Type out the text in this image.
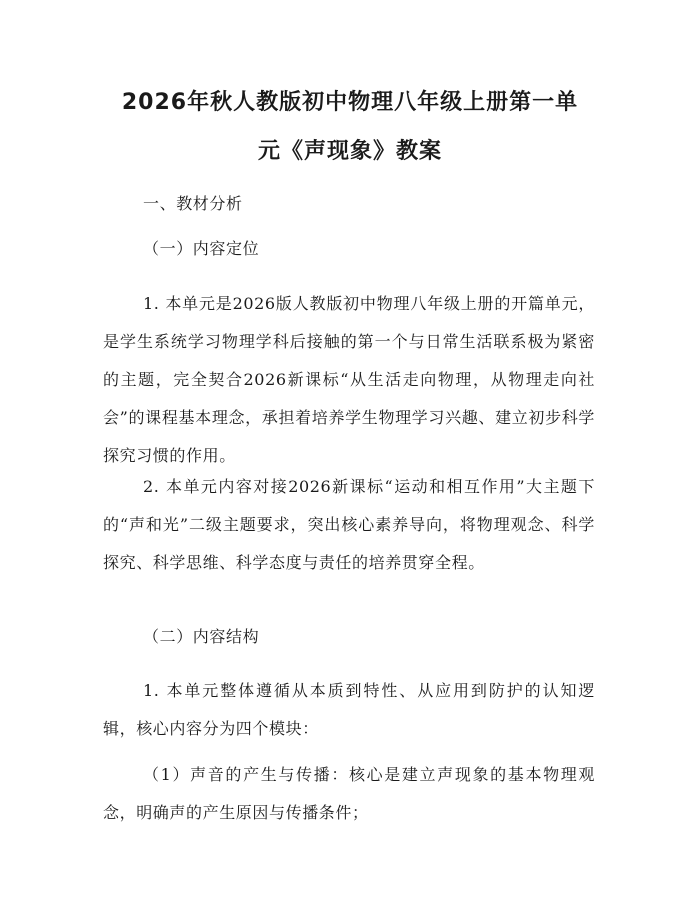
2026年秋人教版初中物理八年级上册第一单
元《声现象》教案
一、教材分析
（一）内容定位
1. 本单元是2026版人教版初中物理八年级上册的开篇单元，是学生系统学习物理学科后接触的第一个与日常生活联系极为紧密的主题，完全契合2026新课标“从生活走向物理，从物理走向社会”的课程基本理念，承担着培养学生物理学习兴趣、建立初步科学探究习惯的作用。
2. 本单元内容对接2026新课标“运动和相互作用”大主题下的“声和光”二级主题要求，突出核心素养导向，将物理观念、科学探究、科学思维、科学态度与责任的培养贯穿全程。
（二）内容结构
1. 本单元整体遵循从本质到特性、从应用到防护的认知逻辑，核心内容分为四个模块：
（1）声音的产生与传播：核心是建立声现象的基本物理观念，明确声的产生原因与传播条件；
